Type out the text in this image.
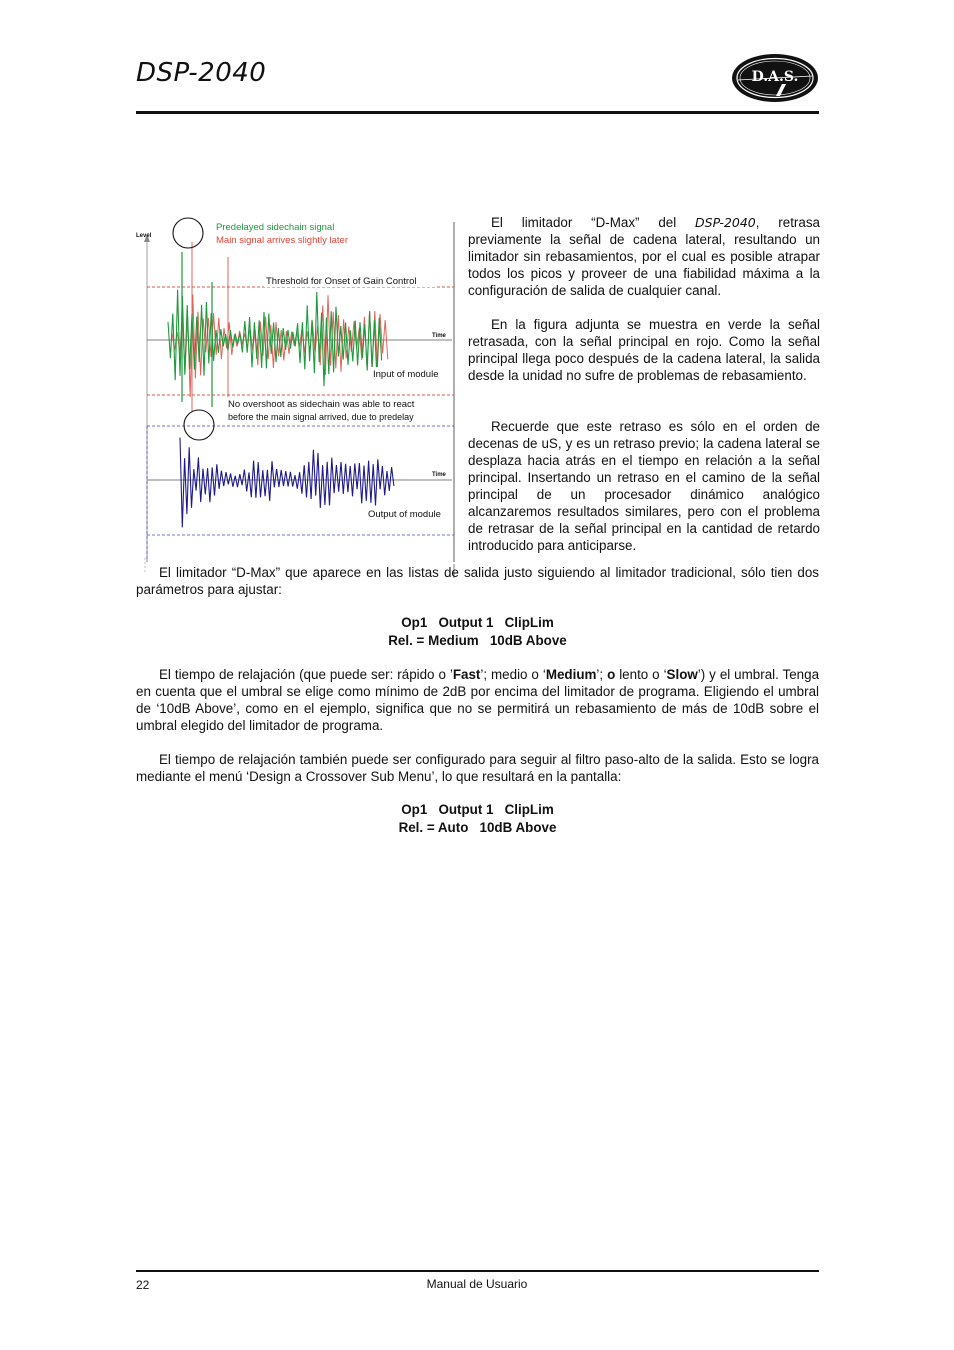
DSP-2040	D.A.S.
Level
Predelayed sidechain signal
Main signal arrives slightly later
Threshold for Onset of Gain Control
Time
Input of module
No overshoot as sidechain was able to react
before the main signal arrived, due to predelay
Time
Output of module

El limitador “D-Max” del DSP-2040, retrasa previamente la señal de cadena lateral, resultando un limitador sin rebasamientos, por el cual es posible atrapar todos los picos y proveer de una fiabilidad máxima a la configuración de salida de cualquier canal.

En la figura adjunta se muestra en verde la señal retrasada, con la señal principal en rojo. Como la señal principal llega poco después de la cadena lateral, la salida desde la unidad no sufre de problemas de rebasamiento.

Recuerde que este retraso es sólo en el orden de decenas de uS, y es un retraso previo; la cadena lateral se desplaza hacia atrás en el tiempo en relación a la señal principal. Insertando un retraso en el camino de la señal principal de un procesador dinámico analógico alcanzaremos resultados similares, pero con el problema de retrasar de la señal principal en la cantidad de retardo introducido para anticiparse.

El limitador “D-Max” que aparece en las listas de salida justo siguiendo al limitador tradicional, sólo tien dos parámetros para ajustar:

Op1   Output 1   ClipLim
Rel. = Medium   10dB Above

El tiempo de relajación (que puede ser: rápido o ’Fast’; medio o ‘Medium’; o lento o ‘Slow’) y el umbral. Tenga en cuenta que el umbral se elige como mínimo de 2dB por encima del limitador de programa. Eligiendo el umbral de ‘10dB Above’, como en el ejemplo, significa que no se permitirá un rebasamiento de más de 10dB sobre el umbral elegido del limitador de programa.

El tiempo de relajación también puede ser configurado para seguir al filtro paso-alto de la salida. Esto se logra mediante el menú ‘Design a Crossover Sub Menu’, lo que resultará en la pantalla:

Op1   Output 1   ClipLim
Rel. = Auto   10dB Above
22	Manual de Usuario
